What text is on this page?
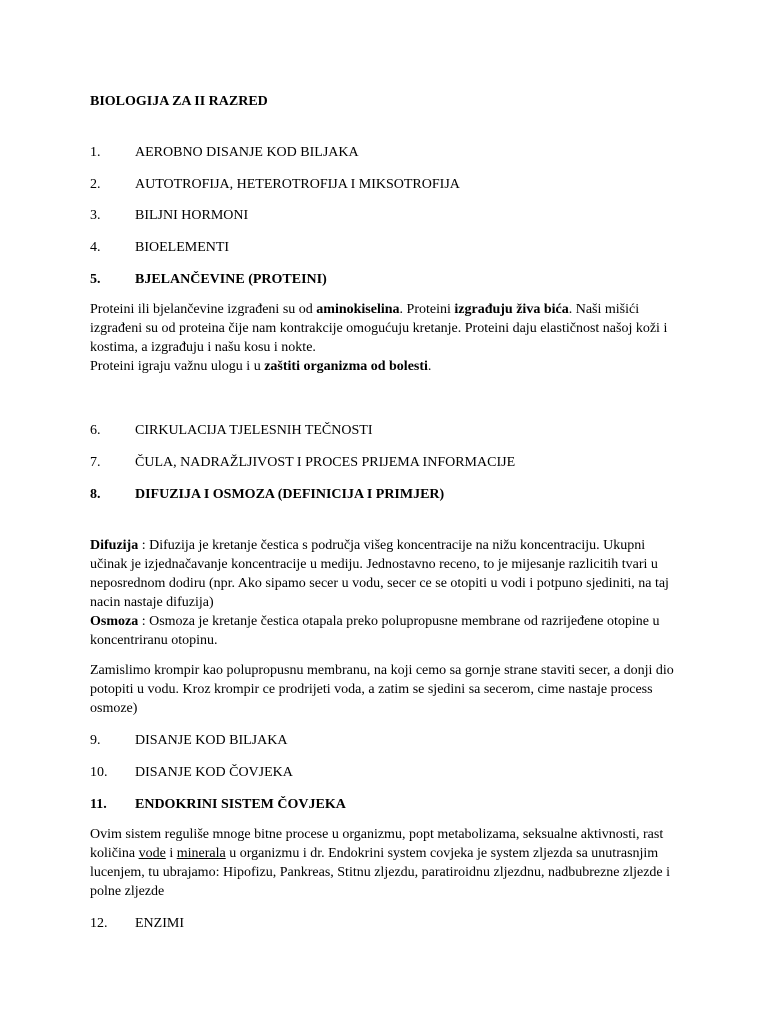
BIOLOGIJA ZA II RAZRED
1. AEROBNO DISANJE KOD BILJAKA
2. AUTOTROFIJA, HETEROTROFIJA I MIKSOTROFIJA
3. BILJNI HORMONI
4. BIOELEMENTI
5. BJELANČEVINE (PROTEINI)

Proteini ili bjelančevine izgrađeni su od aminokiselina. Proteini izgrađuju živa bića. Naši mišići izgrađeni su od proteina čije nam kontrakcije omogućuju kretanje. Proteini daju elastičnost našoj koži i kostima, a izgrađuju i našu kosu i nokte.

Proteini igraju važnu ulogu i u zaštiti organizma od bolesti.

6. CIRKULACIJA TJELESNIH TEČNOSTI
7. ČULA, NADRAŽLJIVOST I PROCES PRIJEMA INFORMACIJE
8. DIFUZIJA I OSMOZA (DEFINICIJA I PRIMJER)

Difuzija : Difuzija je kretanje čestica s područja višeg koncentracije na nižu koncentraciju. Ukupni učinak je izjednačavanje koncentracije u mediju. Jednostavno receno, to je mijesanje razlicitih tvari u neposrednom dodiru (npr. Ako sipamo secer u vodu, secer ce se otopiti u vodi i potpuno sjediniti, na taj nacin nastaje difuzija)

Osmoza : Osmoza je kretanje čestica otapala preko polupropusne membrane od razrijeđene otopine u koncentriranu otopinu.

Zamislimo krompir kao polupropusnu membranu, na koji cemo sa gornje strane staviti secer, a donji dio potopiti u vodu. Kroz krompir ce prodrijeti voda, a zatim se sjedini sa secerom, cime nastaje process osmoze)

9. DISANJE KOD BILJAKA
10. DISANJE KOD ČOVJEKA
11. ENDOKRINI SISTEM ČOVJEKA

Ovim sistem reguliše mnoge bitne procese u organizmu, popt metabolizama, seksualne aktivnosti, rast količina vode i minerala u organizmu i dr. Endokrini system covjeka je system zljezda sa unutrasnjim lucenjem, tu ubrajamo: Hipofizu, Pankreas, Stitnu zljezdu, paratiroidnu zljezdnu, nadbubrezne zljezde i polne zljezde

12. ENZIMI
